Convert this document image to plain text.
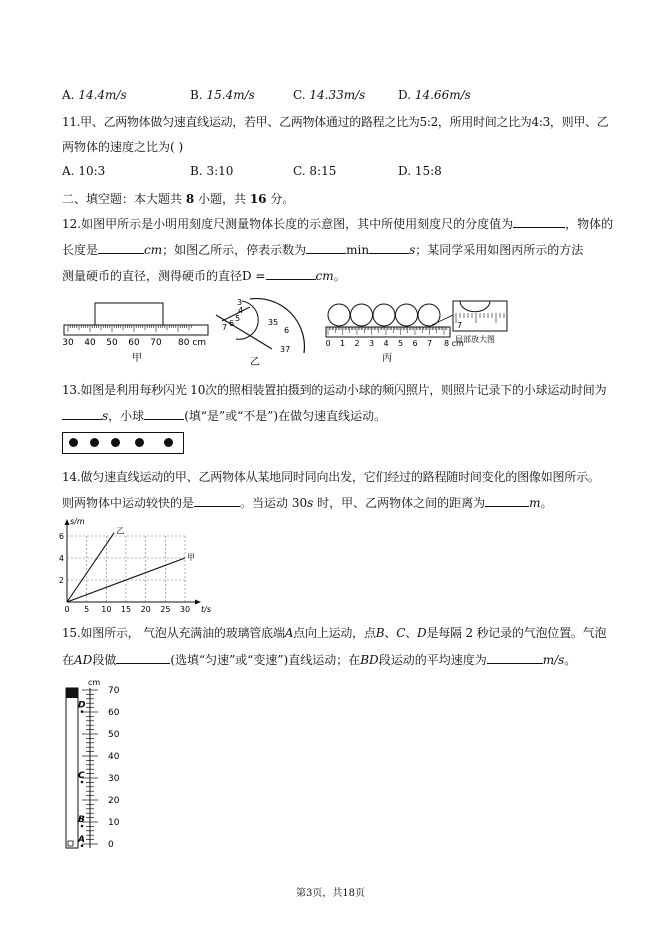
A. 14.4m/s	B. 15.4m/s	C. 14.33m/s	D. 14.66m/s
11.甲、乙两物体做匀速直线运动，若甲、乙两物体通过的路程之比为5:2，所用时间之比为4:3，则甲、乙
两物体的速度之比为( )
A. 10:3	B. 3:10	C. 8:15	D. 15:8
二、填空题：本大题共 8 小题，共 16 分。
12.如图甲所示是小明用刻度尺测量物体长度的示意图，其中所使用刻度尺的分度值为	，物体的
长度是	cm；如图乙所示，停表示数为	min	s；某同学采用如图丙所示的方法
测量硬币的直径，测得硬币的直径D =	cm。
30 40 50 60 70 80 cm
甲
3
4
5
6
7
35
6
37
乙
0 1 2 3 4 5 6 7 8 cm
7
局部放大图
丙
13.如图是利用每秒闪光 10次的照相装置拍摄到的运动小球的频闪照片，则照片记录下的小球运动时间为
s，小球	(填“是”或“不是”)在做匀速直线运动。
14.做匀速直线运动的甲、乙两物体从某地同时同向出发，它们经过的路程随时间变化的图像如图所示。
则两物体中运动较快的是	。当运动 30s 时，甲、乙两物体之间的距离为	m。
乙
甲
0 5 10 15 20 25 30
2
4
6
s/m
t/s
15.如图所示， 气泡从充满油的玻璃管底端A点向上运动，点B、C、D是每隔 2 秒记录的气泡位置。气泡
在AD段做	(选填“匀速”或“变速”)直线运动；在BD段运动的平均速度为	m/s。
cm
70
60
50
40
30
20
10
0
D
C
B
A
第3页，共18页
